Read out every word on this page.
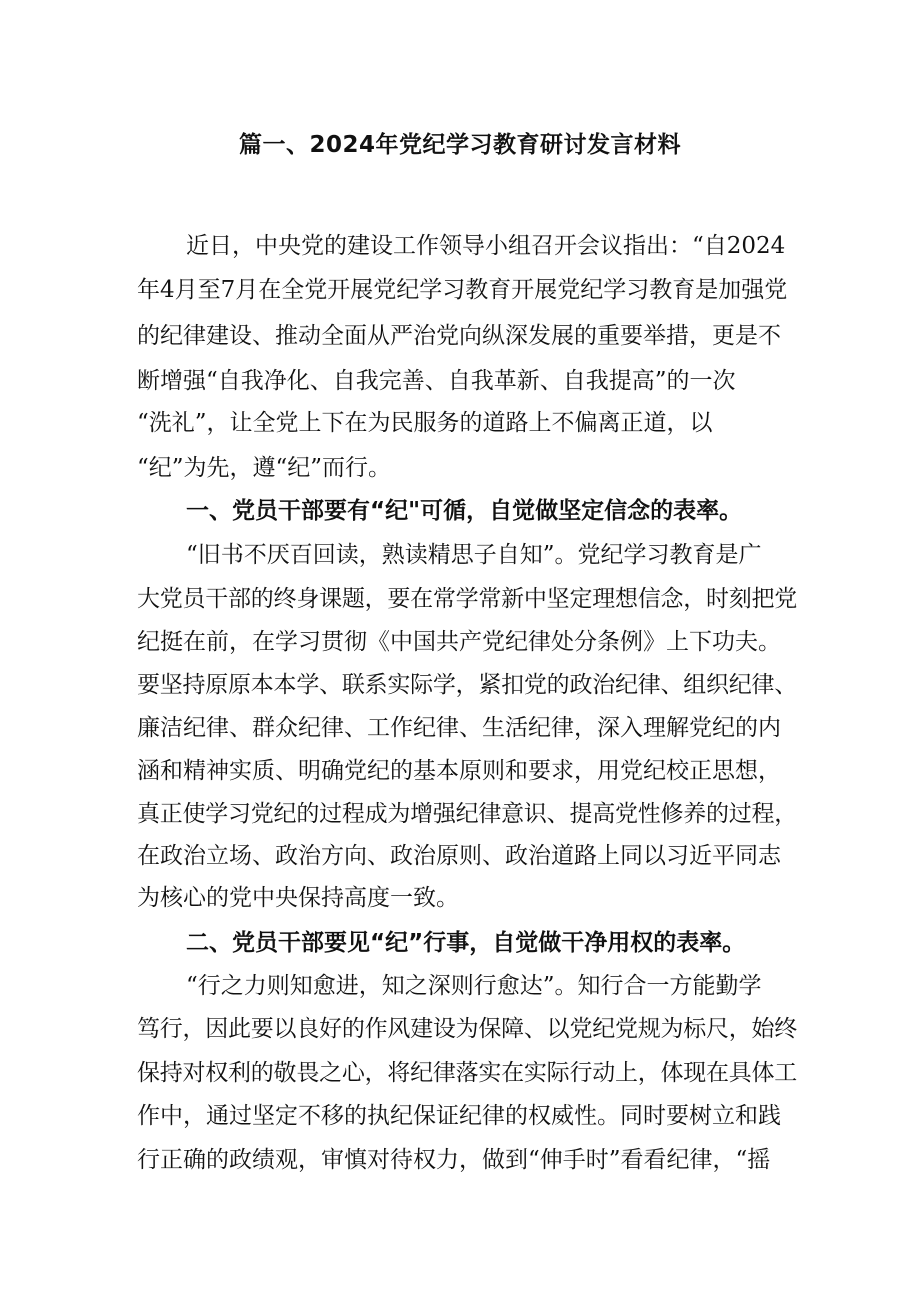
篇一、2024年党纪学习教育研讨发言材料
近日，中央党的建设工作领导小组召开会议指出：“自2024
年4月至7月在全党开展党纪学习教育开展党纪学习教育是加强党
的纪律建设、推动全面从严治党向纵深发展的重要举措，更是不
断增强“自我净化、自我完善、自我革新、自我提高”的一次
“洗礼”，让全党上下在为民服务的道路上不偏离正道，以
“纪”为先，遵“纪”而行。
一、党员干部要有“纪"可循，自觉做坚定信念的表率。
“旧书不厌百回读，熟读精思子自知”。党纪学习教育是广
大党员干部的终身课题，要在常学常新中坚定理想信念，时刻把党
纪挺在前，在学习贯彻《中国共产党纪律处分条例》上下功夫。
要坚持原原本本学、联系实际学，紧扣党的政治纪律、组织纪律、
廉洁纪律、群众纪律、工作纪律、生活纪律，深入理解党纪的内
涵和精神实质、明确党纪的基本原则和要求，用党纪校正思想，
真正使学习党纪的过程成为增强纪律意识、提高党性修养的过程，
在政治立场、政治方向、政治原则、政治道路上同以习近平同志
为核心的党中央保持高度一致。
二、党员干部要见“纪”行事，自觉做干净用权的表率。
“行之力则知愈进，知之深则行愈达”。知行合一方能勤学
笃行，因此要以良好的作风建设为保障、以党纪党规为标尺，始终
保持对权利的敬畏之心，将纪律落实在实际行动上，体现在具体工
作中，通过坚定不移的执纪保证纪律的权威性。同时要树立和践
行正确的政绩观，审慎对待权力，做到“伸手时”看看纪律，“摇
